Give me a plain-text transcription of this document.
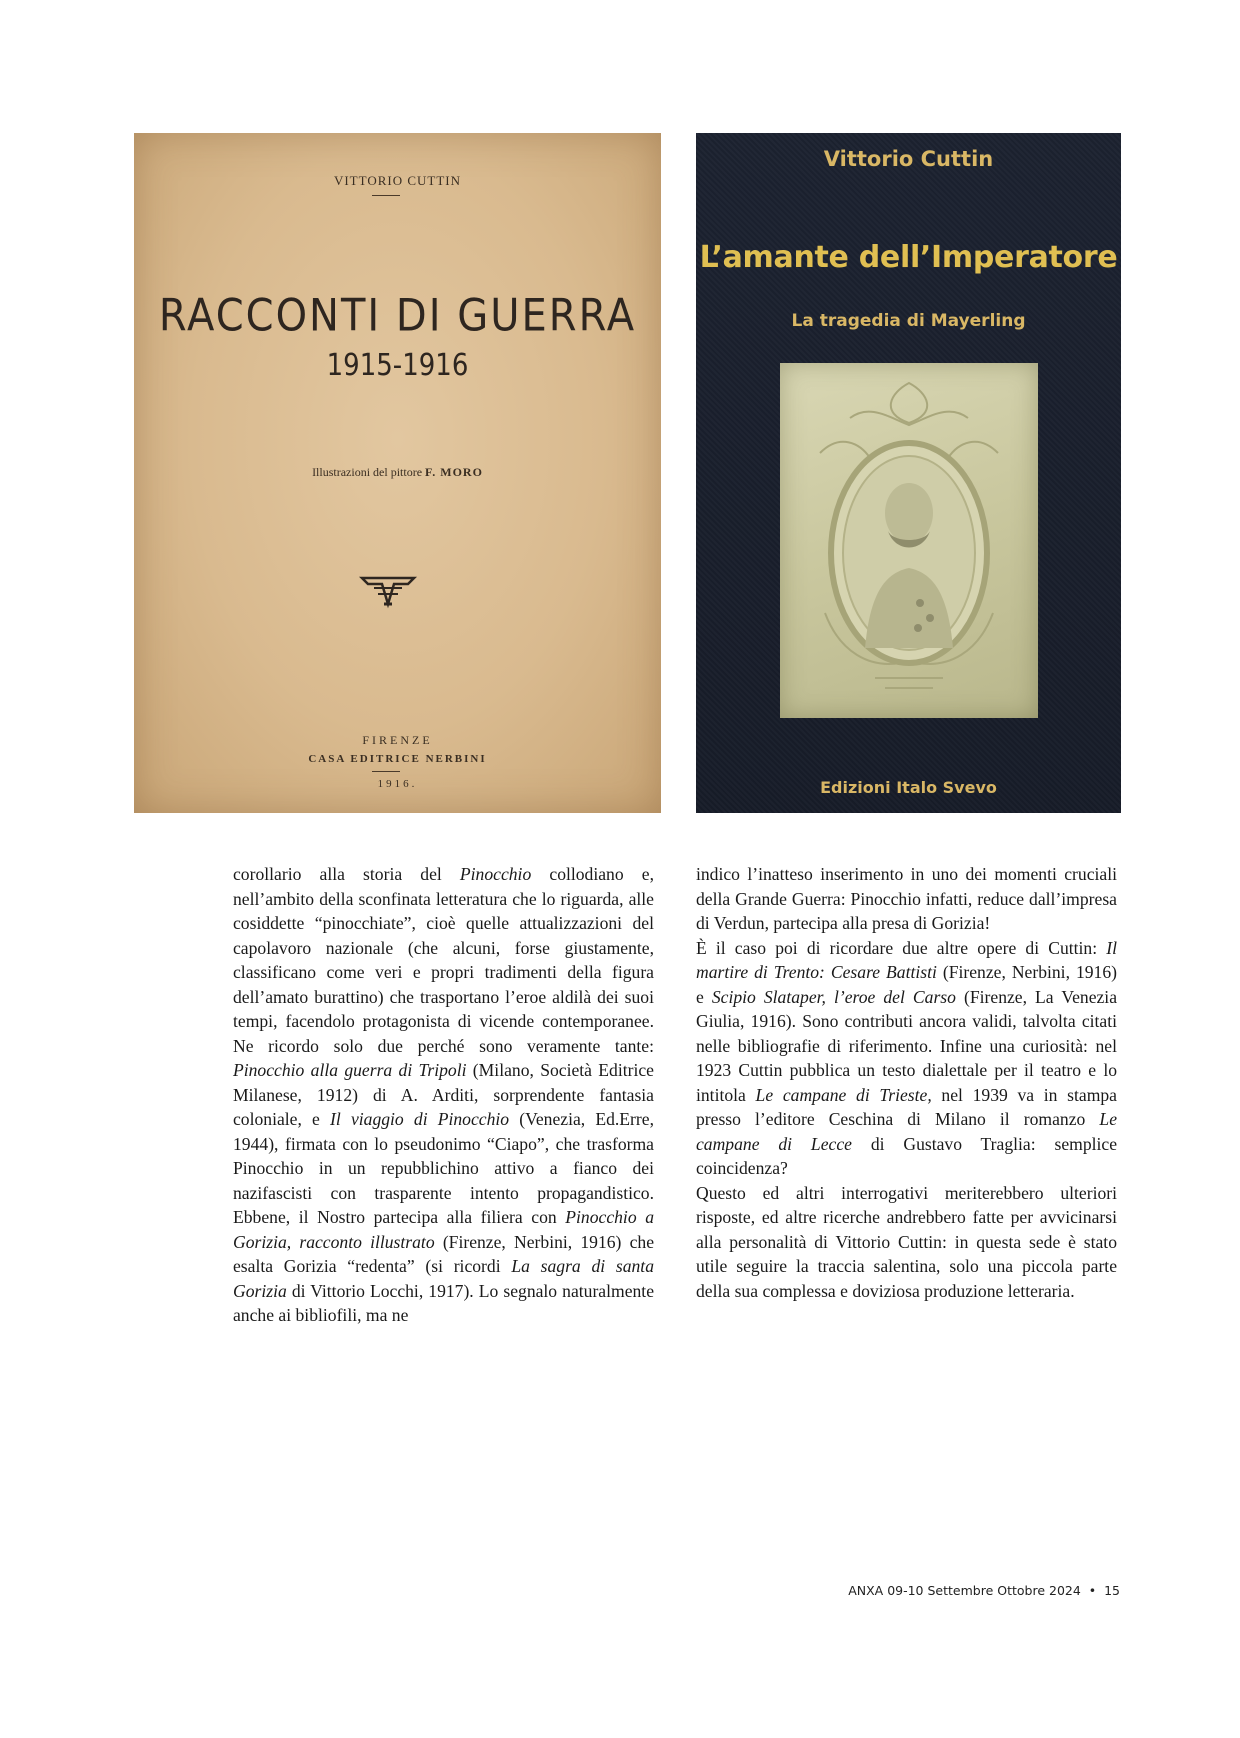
VITTORIO CUTTIN
RACCONTI DI GUERRA
1915-1916
Illustrazioni del pittore F. MORO
FIRENZE
CASA EDITRICE NERBINI
1916.
Vittorio Cuttin
L’amante dell’Imperatore
La tragedia di Mayerling
Edizioni Italo Svevo

corollario alla storia del Pinocchio collodiano e, nell’ambito della sconfinata letteratura che lo riguarda, alle cosiddette “pinocchiate”, cioè quelle attualizzazioni del capolavoro nazionale (che alcuni, forse giustamente, classificano come veri e propri tradimenti della figura dell’amato burattino) che trasportano l’eroe aldilà dei suoi tempi, facendolo protagonista di vicende contemporanee. Ne ricordo solo due perché sono veramente tante: Pinocchio alla guerra di Tripoli (Milano, Società Editrice Milanese, 1912) di A. Arditi, sorprendente fantasia coloniale, e Il viaggio di Pinocchio (Venezia, Ed.Erre, 1944), firmata con lo pseudonimo “Ciapo”, che trasforma Pinocchio in un repubblichino attivo a fianco dei nazifascisti con trasparente intento propagandistico. Ebbene, il Nostro partecipa alla filiera con Pinocchio a Gorizia, racconto illustrato (Firenze, Nerbini, 1916) che esalta Gorizia “redenta” (si ricordi La sagra di santa Gorizia di Vittorio Locchi, 1917). Lo segnalo naturalmente anche ai bibliofili, ma ne

indico l’inatteso inserimento in uno dei momenti cruciali della Grande Guerra: Pinocchio infatti, reduce dall’impresa di Verdun, partecipa alla presa di Gorizia!

È il caso poi di ricordare due altre opere di Cuttin: Il martire di Trento: Cesare Battisti (Firenze, Nerbini, 1916) e Scipio Slataper, l’eroe del Carso (Firenze, La Venezia Giulia, 1916). Sono contributi ancora validi, talvolta citati nelle bibliografie di riferimento. Infine una curiosità: nel 1923 Cuttin pubblica un testo dialettale per il teatro e lo intitola Le campane di Trieste, nel 1939 va in stampa presso l’editore Ceschina di Milano il romanzo Le campane di Lecce di Gustavo Traglia: semplice coincidenza?

Questo ed altri interrogativi meriterebbero ulteriori risposte, ed altre ricerche andrebbero fatte per avvicinarsi alla personalità di Vittorio Cuttin: in questa sede è stato utile seguire la traccia salentina, solo una piccola parte della sua complessa e doviziosa produzione letteraria.

ANXA 09-10 Settembre Ottobre 2024 • 15
